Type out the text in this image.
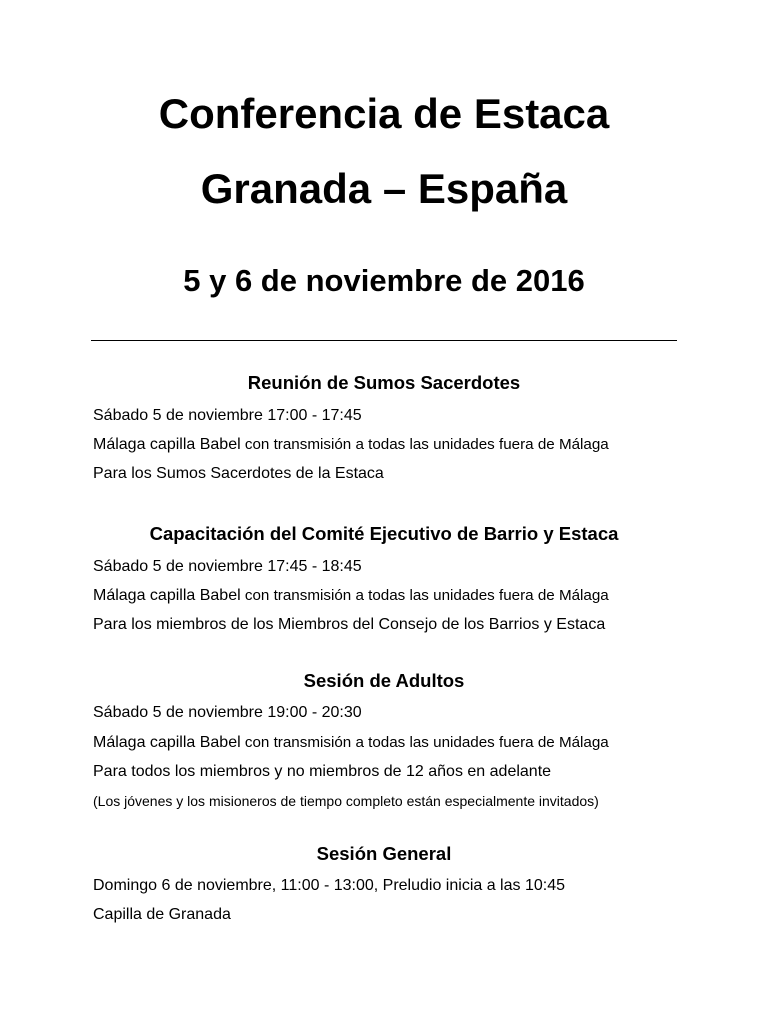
Conferencia de Estaca
Granada – España
5 y 6 de noviembre de 2016
Reunión de Sumos Sacerdotes

Sábado 5 de noviembre 17:00 - 17:45

Málaga capilla Babel con transmisión a todas las unidades fuera de Málaga

Para los Sumos Sacerdotes de la Estaca

Capacitación del Comité Ejecutivo de Barrio y Estaca

Sábado 5 de noviembre 17:45 - 18:45

Málaga capilla Babel con transmisión a todas las unidades fuera de Málaga

Para los miembros de los Miembros del Consejo de los Barrios y Estaca

Sesión de Adultos

Sábado 5 de noviembre 19:00 - 20:30

Málaga capilla Babel con transmisión a todas las unidades fuera de Málaga

Para todos los miembros y no miembros de 12 años en adelante

(Los jóvenes y los misioneros de tiempo completo están especialmente invitados)

Sesión General

Domingo 6 de noviembre, 11:00 - 13:00, Preludio inicia a las 10:45

Capilla de Granada
